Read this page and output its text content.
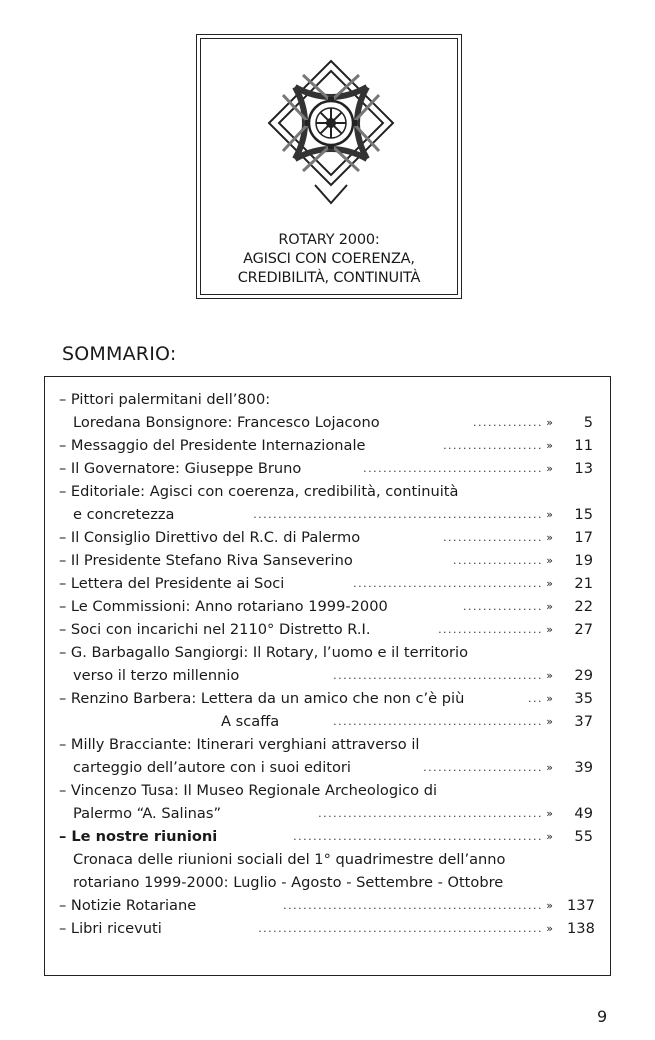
ROTARY 2000:
AGISCI CON COERENZA,
CREDIBILITÀ, CONTINUITÀ
SOMMARIO:
– Pittori palermitani dell’800:
Loredana Bonsignore: Francesco Lojacono	.............. »	5
– Messaggio del Presidente Internazionale	.................... »	11
– Il Governatore: Giuseppe Bruno	.................................... »	13
– Editoriale: Agisci con coerenza, credibilità, continuità
e concretezza	.......................................................... »	15
– Il Consiglio Direttivo del R.C. di Palermo	.................... »	17
– Il Presidente Stefano Riva Sanseverino	.................. »	19
– Lettera del Presidente ai Soci	...................................... »	21
– Le Commissioni: Anno rotariano 1999-2000	................ »	22
– Soci con incarichi nel 2110° Distretto R.I.	..................... »	27
– G. Barbagallo Sangiorgi: Il Rotary, l’uomo e il territorio
verso il terzo millennio	.......................................... »	29
– Renzino Barbera: Lettera da un amico che non c’è più	... »	35
A scaffa	.......................................... »	37
– Milly Bracciante: Itinerari verghiani attraverso il
carteggio dell’autore con i suoi editori	........................ »	39
– Vincenzo Tusa: Il Museo Regionale Archeologico di
Palermo “A. Salinas”	............................................. »	49
– Le nostre riunioni	.................................................. »	55
Cronaca delle riunioni sociali del 1° quadrimestre dell’anno
rotariano 1999-2000: Luglio - Agosto - Settembre - Ottobre
– Notizie Rotariane	.................................................... » 137
– Libri ricevuti	......................................................... » 138
9
